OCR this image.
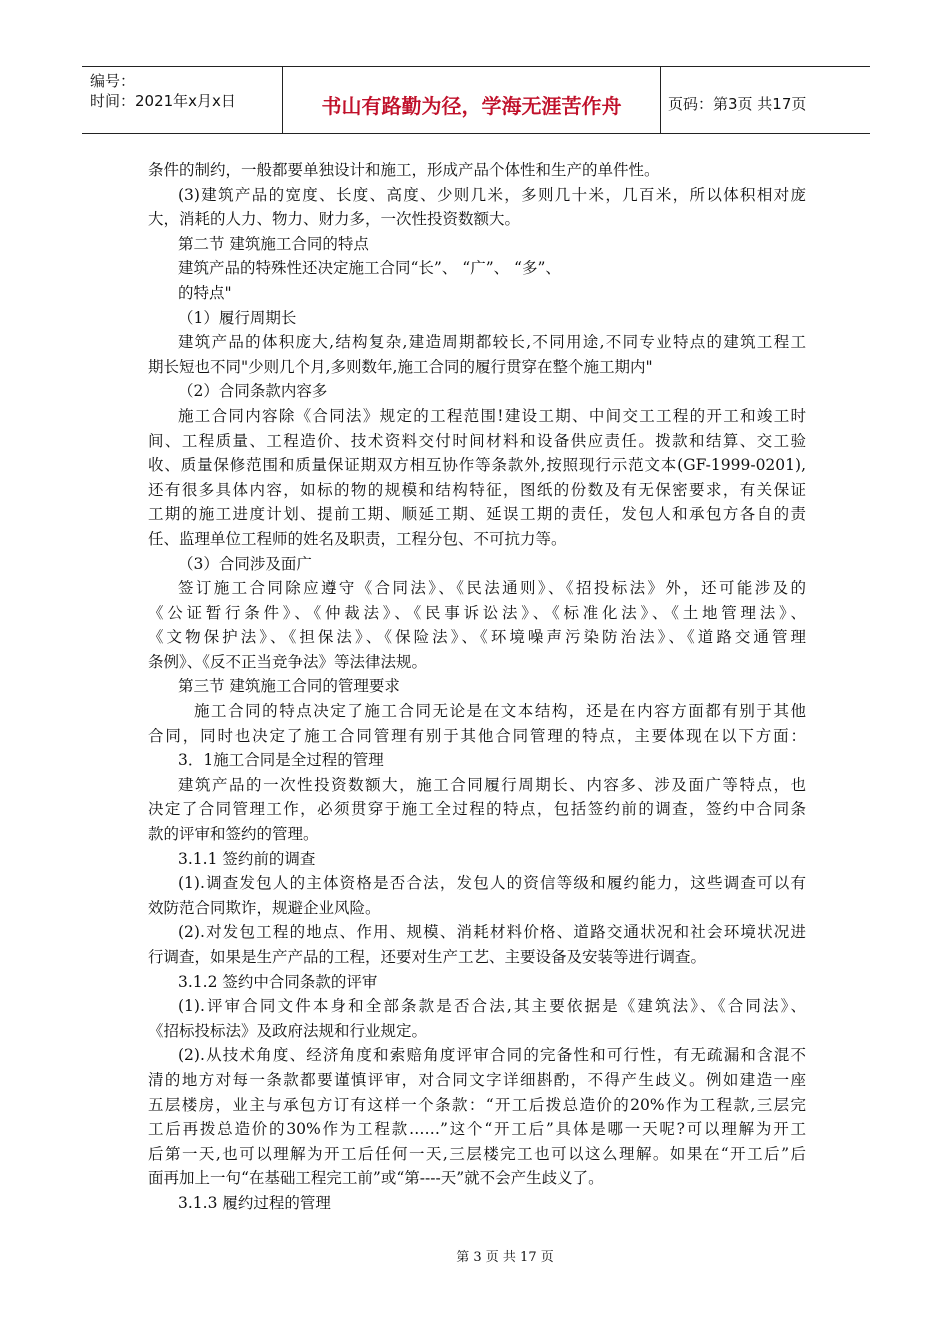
编号：
时间：2021年x月x日	书山有路勤为径，学海无涯苦作舟	页码：第3页 共17页
条件的制约，一般都要单独设计和施工，形成产品个体性和生产的单件性。
(3)建筑产品的宽度、长度、高度、少则几米，多则几十米，几百米，所以体积相对庞
大，消耗的人力、物力、财力多，一次性投资数额大。
第二节 建筑施工合同的特点
建筑产品的特殊性还决定施工合同“长”、 “广”、 “多”、
的特点"
（1）履行周期长
建筑产品的体积庞大,结构复杂,建造周期都较长,不同用途,不同专业特点的建筑工程工
期长短也不同"少则几个月,多则数年,施工合同的履行贯穿在整个施工期内"
（2）合同条款内容多
施工合同内容除《合同法》规定的工程范围!建设工期、中间交工工程的开工和竣工时
间、工程质量、工程造价、技术资料交付时间材料和设备供应责任。拨款和结算、交工验
收、质量保修范围和质量保证期双方相互协作等条款外,按照现行示范文本(GF-1999-0201),
还有很多具体内容，如标的物的规模和结构特征，图纸的份数及有无保密要求，有关保证
工期的施工进度计划、提前工期、顺延工期、延误工期的责任，发包人和承包方各自的责
任、监理单位工程师的姓名及职责，工程分包、不可抗力等。
（3）合同涉及面广
签订施工合同除应遵守《合同法》、《民法通则》、《招投标法》外，还可能涉及的
《公证暂行条件》、《仲裁法》、《民事诉讼法》、《标准化法》、《土地管理法》、
《文物保护法》、《担保法》、《保险法》、《环境噪声污染防治法》、《道路交通管理
条例》、《反不正当竞争法》等法律法规。
第三节 建筑施工合同的管理要求
施工合同的特点决定了施工合同无论是在文本结构，还是在内容方面都有别于其他
合同，同时也决定了施工合同管理有别于其他合同管理的特点，主要体现在以下方面：
3．1施工合同是全过程的管理
建筑产品的一次性投资数额大，施工合同履行周期长、内容多、涉及面广等特点，也
决定了合同管理工作，必须贯穿于施工全过程的特点，包括签约前的调查，签约中合同条
款的评审和签约的管理。
3.1.1 签约前的调查
(1).调查发包人的主体资格是否合法，发包人的资信等级和履约能力，这些调查可以有
效防范合同欺诈，规避企业风险。
(2).对发包工程的地点、作用、规模、消耗材料价格、道路交通状况和社会环境状况进
行调查，如果是生产产品的工程，还要对生产工艺、主要设备及安装等进行调查。
3.1.2 签约中合同条款的评审
(1).评审合同文件本身和全部条款是否合法,其主要依据是《建筑法》、《合同法》、
《招标投标法》及政府法规和行业规定。
(2).从技术角度、经济角度和索赔角度评审合同的完备性和可行性，有无疏漏和含混不
清的地方对每一条款都要谨慎评审，对合同文字详细斟酌，不得产生歧义。例如建造一座
五层楼房，业主与承包方订有这样一个条款：“开工后拨总造价的20%作为工程款,三层完
工后再拨总造价的30%作为工程款……”这个“开工后”具体是哪一天呢?可以理解为开工
后第一天,也可以理解为开工后任何一天,三层楼完工也可以这么理解。如果在“开工后”后
面再加上一句“在基础工程完工前”或“第----天”就不会产生歧义了。
3.1.3 履约过程的管理
第 3 页 共 17 页
